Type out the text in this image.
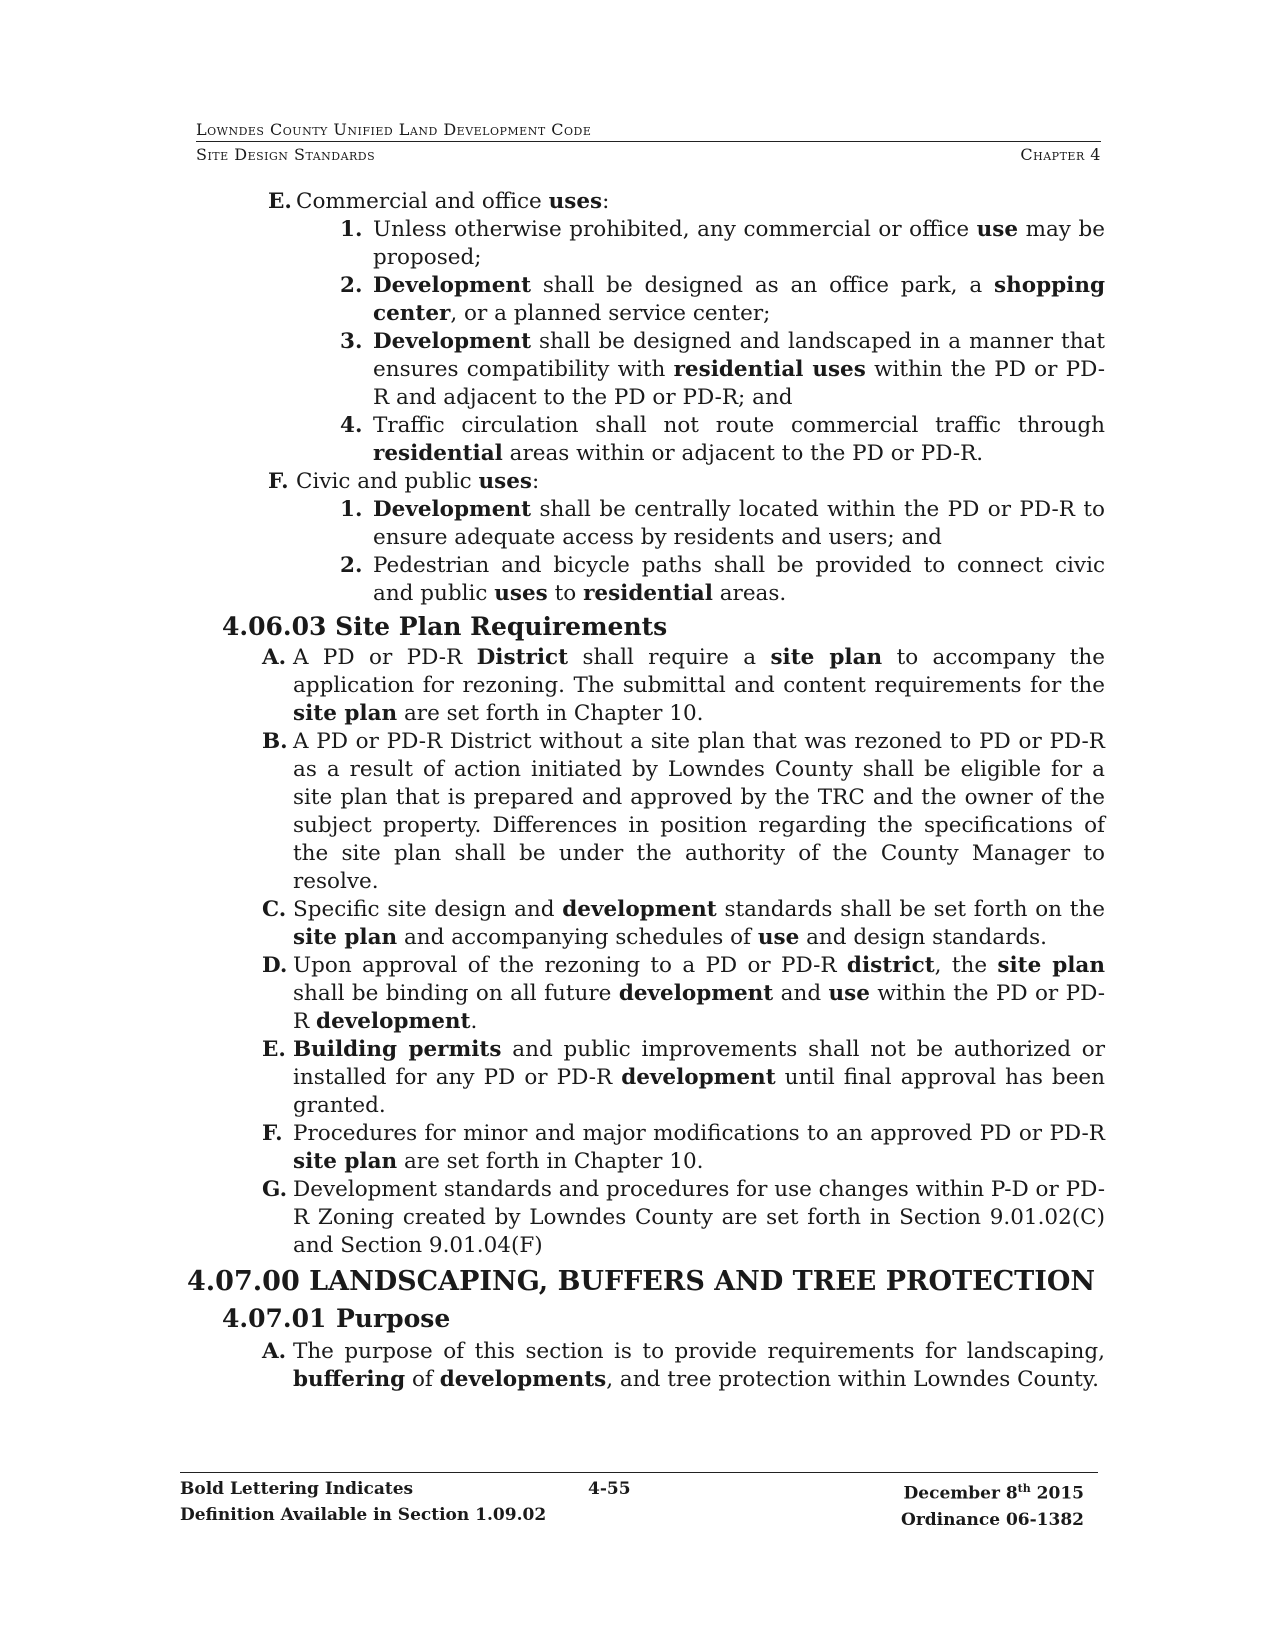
Lowndes County Unified Land Development Code
Site Design Standards	Chapter 4
E. Commercial and office uses:
1. Unless otherwise prohibited, any commercial or office use may be proposed;
2. Development shall be designed as an office park, a shopping center, or a planned service center;
3. Development shall be designed and landscaped in a manner that ensures compatibility with residential uses within the PD or PD-R and adjacent to the PD or PD-R; and
4. Traffic circulation shall not route commercial traffic through residential areas within or adjacent to the PD or PD-R.
F. Civic and public uses:
1. Development shall be centrally located within the PD or PD-R to ensure adequate access by residents and users; and
2. Pedestrian and bicycle paths shall be provided to connect civic and public uses to residential areas.
4.06.03 Site Plan Requirements
A. A PD or PD-R District shall require a site plan to accompany the application for rezoning. The submittal and content requirements for the site plan are set forth in Chapter 10.
B. A PD or PD-R District without a site plan that was rezoned to PD or PD-R as a result of action initiated by Lowndes County shall be eligible for a site plan that is prepared and approved by the TRC and the owner of the subject property. Differences in position regarding the specifications of the site plan shall be under the authority of the County Manager to resolve.
C. Specific site design and development standards shall be set forth on the site plan and accompanying schedules of use and design standards.
D. Upon approval of the rezoning to a PD or PD-R district, the site plan shall be binding on all future development and use within the PD or PD-R development.
E. Building permits and public improvements shall not be authorized or installed for any PD or PD-R development until final approval has been granted.
F. Procedures for minor and major modifications to an approved PD or PD-R site plan are set forth in Chapter 10.
G. Development standards and procedures for use changes within P-D or PD-R Zoning created by Lowndes County are set forth in Section 9.01.02(C) and Section 9.01.04(F)
4.07.00 LANDSCAPING, BUFFERS AND TREE PROTECTION
4.07.01 Purpose
A. The purpose of this section is to provide requirements for landscaping, buffering of developments, and tree protection within Lowndes County.
Bold Lettering Indicates
Definition Available in Section 1.09.02
4-55	December 8th 2015
Ordinance 06-1382
